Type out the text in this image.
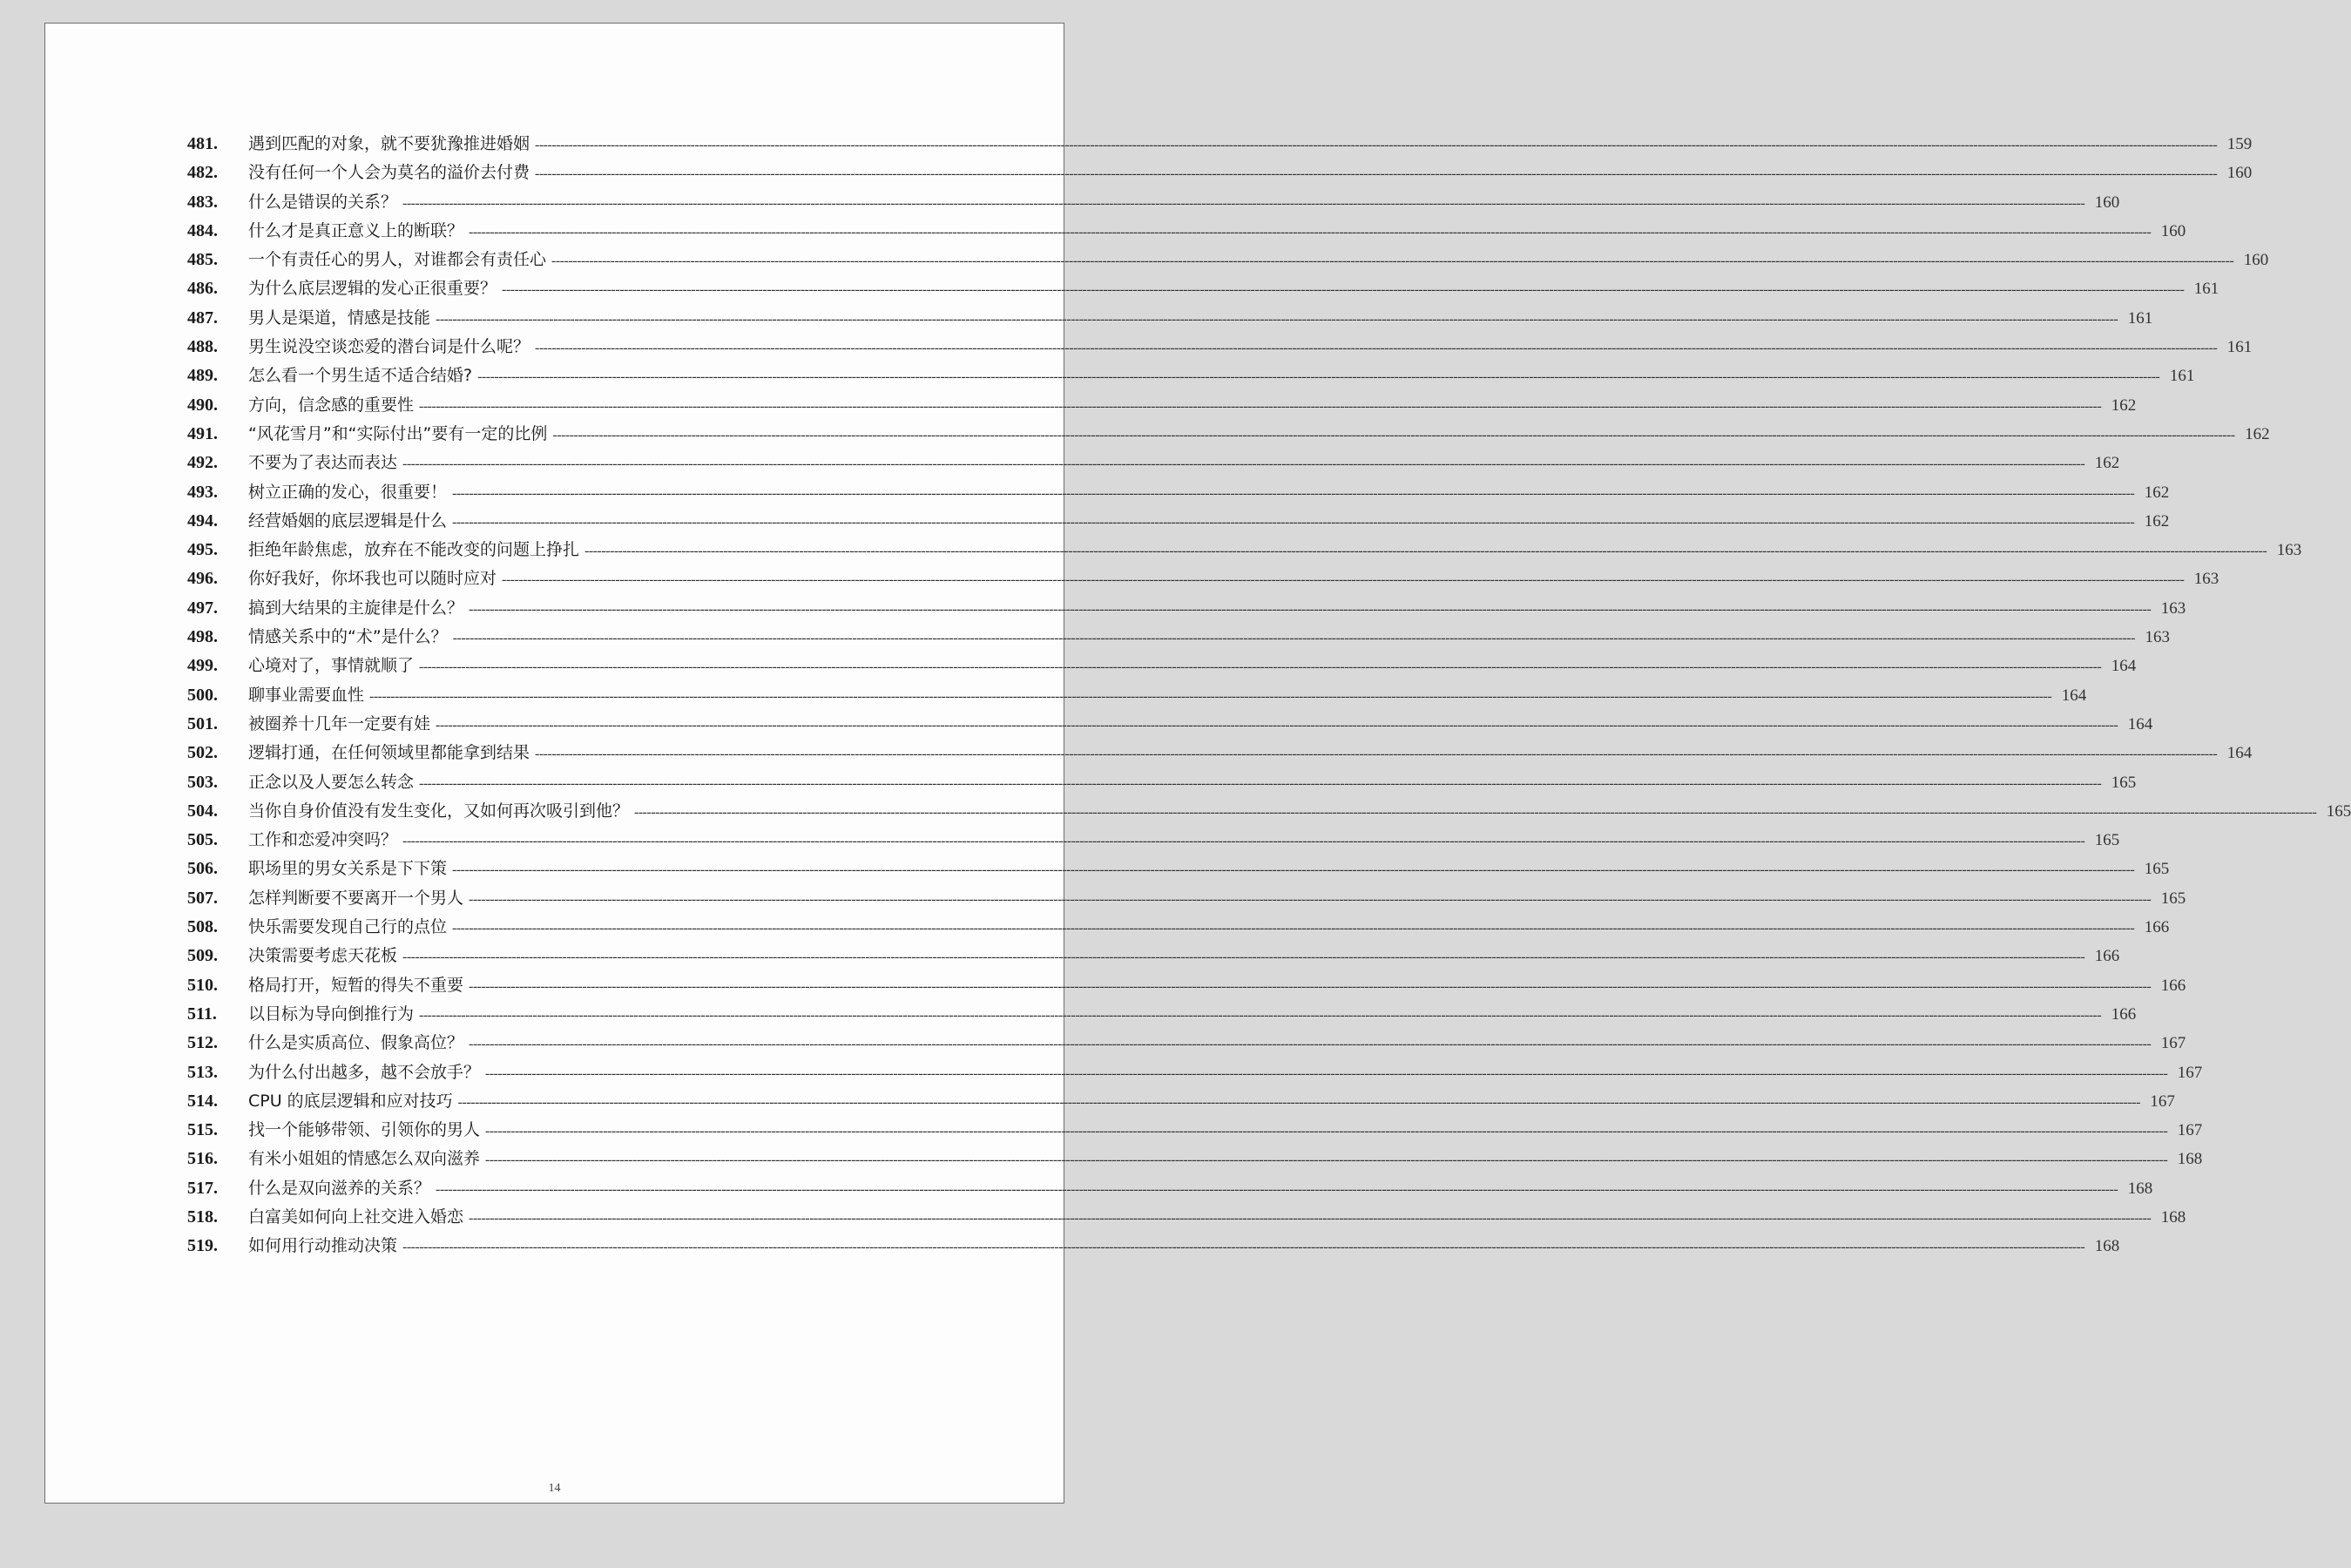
481.	遇到匹配的对象，就不要犹豫推进婚姻 ---------------------------------------------------------------------------------------------------------------------------------------------------------------------------------------------------------------------------------------------------------------------------------------------------------------------------------------------------------------------------------------------------------------- 159
482.	没有任何一个人会为莫名的溢价去付费 ---------------------------------------------------------------------------------------------------------------------------------------------------------------------------------------------------------------------------------------------------------------------------------------------------------------------------------------------------------------------------------------------------------------- 160
483.	什么是错误的关系？ ---------------------------------------------------------------------------------------------------------------------------------------------------------------------------------------------------------------------------------------------------------------------------------------------------------------------------------------------------------------------------------------------------------------- 160
484.	什么才是真正意义上的断联？ ---------------------------------------------------------------------------------------------------------------------------------------------------------------------------------------------------------------------------------------------------------------------------------------------------------------------------------------------------------------------------------------------------------------- 160
485.	一个有责任心的男人，对谁都会有责任心 ---------------------------------------------------------------------------------------------------------------------------------------------------------------------------------------------------------------------------------------------------------------------------------------------------------------------------------------------------------------------------------------------------------------- 160
486.	为什么底层逻辑的发心正很重要？ ---------------------------------------------------------------------------------------------------------------------------------------------------------------------------------------------------------------------------------------------------------------------------------------------------------------------------------------------------------------------------------------------------------------- 161
487.	男人是渠道，情感是技能 ---------------------------------------------------------------------------------------------------------------------------------------------------------------------------------------------------------------------------------------------------------------------------------------------------------------------------------------------------------------------------------------------------------------- 161
488.	男生说没空谈恋爱的潜台词是什么呢？ ---------------------------------------------------------------------------------------------------------------------------------------------------------------------------------------------------------------------------------------------------------------------------------------------------------------------------------------------------------------------------------------------------------------- 161
489.	怎么看一个男生适不适合结婚? ---------------------------------------------------------------------------------------------------------------------------------------------------------------------------------------------------------------------------------------------------------------------------------------------------------------------------------------------------------------------------------------------------------------- 161
490.	方向，信念感的重要性 ---------------------------------------------------------------------------------------------------------------------------------------------------------------------------------------------------------------------------------------------------------------------------------------------------------------------------------------------------------------------------------------------------------------- 162
491.	“风花雪月”和“实际付出”要有一定的比例 ---------------------------------------------------------------------------------------------------------------------------------------------------------------------------------------------------------------------------------------------------------------------------------------------------------------------------------------------------------------------------------------------------------------- 162
492.	不要为了表达而表达 ---------------------------------------------------------------------------------------------------------------------------------------------------------------------------------------------------------------------------------------------------------------------------------------------------------------------------------------------------------------------------------------------------------------- 162
493.	树立正确的发心，很重要！ ---------------------------------------------------------------------------------------------------------------------------------------------------------------------------------------------------------------------------------------------------------------------------------------------------------------------------------------------------------------------------------------------------------------- 162
494.	经营婚姻的底层逻辑是什么 ---------------------------------------------------------------------------------------------------------------------------------------------------------------------------------------------------------------------------------------------------------------------------------------------------------------------------------------------------------------------------------------------------------------- 162
495.	拒绝年龄焦虑，放弃在不能改变的问题上挣扎 ---------------------------------------------------------------------------------------------------------------------------------------------------------------------------------------------------------------------------------------------------------------------------------------------------------------------------------------------------------------------------------------------------------------- 163
496.	你好我好，你坏我也可以随时应对 ---------------------------------------------------------------------------------------------------------------------------------------------------------------------------------------------------------------------------------------------------------------------------------------------------------------------------------------------------------------------------------------------------------------- 163
497.	搞到大结果的主旋律是什么？ ---------------------------------------------------------------------------------------------------------------------------------------------------------------------------------------------------------------------------------------------------------------------------------------------------------------------------------------------------------------------------------------------------------------- 163
498.	情感关系中的“术”是什么？ ---------------------------------------------------------------------------------------------------------------------------------------------------------------------------------------------------------------------------------------------------------------------------------------------------------------------------------------------------------------------------------------------------------------- 163
499.	心境对了，事情就顺了 ---------------------------------------------------------------------------------------------------------------------------------------------------------------------------------------------------------------------------------------------------------------------------------------------------------------------------------------------------------------------------------------------------------------- 164
500.	聊事业需要血性 ---------------------------------------------------------------------------------------------------------------------------------------------------------------------------------------------------------------------------------------------------------------------------------------------------------------------------------------------------------------------------------------------------------------- 164
501.	被圈养十几年一定要有娃 ---------------------------------------------------------------------------------------------------------------------------------------------------------------------------------------------------------------------------------------------------------------------------------------------------------------------------------------------------------------------------------------------------------------- 164
502.	逻辑打通，在任何领域里都能拿到结果 ---------------------------------------------------------------------------------------------------------------------------------------------------------------------------------------------------------------------------------------------------------------------------------------------------------------------------------------------------------------------------------------------------------------- 164
503.	正念以及人要怎么转念 ---------------------------------------------------------------------------------------------------------------------------------------------------------------------------------------------------------------------------------------------------------------------------------------------------------------------------------------------------------------------------------------------------------------- 165
504.	当你自身价值没有发生变化，又如何再次吸引到他？ ---------------------------------------------------------------------------------------------------------------------------------------------------------------------------------------------------------------------------------------------------------------------------------------------------------------------------------------------------------------------------------------------------------------- 165
505.	工作和恋爱冲突吗？ ---------------------------------------------------------------------------------------------------------------------------------------------------------------------------------------------------------------------------------------------------------------------------------------------------------------------------------------------------------------------------------------------------------------- 165
506.	职场里的男女关系是下下策 ---------------------------------------------------------------------------------------------------------------------------------------------------------------------------------------------------------------------------------------------------------------------------------------------------------------------------------------------------------------------------------------------------------------- 165
507.	怎样判断要不要离开一个男人 ---------------------------------------------------------------------------------------------------------------------------------------------------------------------------------------------------------------------------------------------------------------------------------------------------------------------------------------------------------------------------------------------------------------- 165
508.	快乐需要发现自己行的点位 ---------------------------------------------------------------------------------------------------------------------------------------------------------------------------------------------------------------------------------------------------------------------------------------------------------------------------------------------------------------------------------------------------------------- 166
509.	决策需要考虑天花板 ---------------------------------------------------------------------------------------------------------------------------------------------------------------------------------------------------------------------------------------------------------------------------------------------------------------------------------------------------------------------------------------------------------------- 166
510.	格局打开，短暂的得失不重要 ---------------------------------------------------------------------------------------------------------------------------------------------------------------------------------------------------------------------------------------------------------------------------------------------------------------------------------------------------------------------------------------------------------------- 166
511.	以目标为导向倒推行为 ---------------------------------------------------------------------------------------------------------------------------------------------------------------------------------------------------------------------------------------------------------------------------------------------------------------------------------------------------------------------------------------------------------------- 166
512.	什么是实质高位、假象高位？ ---------------------------------------------------------------------------------------------------------------------------------------------------------------------------------------------------------------------------------------------------------------------------------------------------------------------------------------------------------------------------------------------------------------- 167
513.	为什么付出越多，越不会放手？ ---------------------------------------------------------------------------------------------------------------------------------------------------------------------------------------------------------------------------------------------------------------------------------------------------------------------------------------------------------------------------------------------------------------- 167
514.	CPU 的底层逻辑和应对技巧 ---------------------------------------------------------------------------------------------------------------------------------------------------------------------------------------------------------------------------------------------------------------------------------------------------------------------------------------------------------------------------------------------------------------- 167
515.	找一个能够带领、引领你的男人 ---------------------------------------------------------------------------------------------------------------------------------------------------------------------------------------------------------------------------------------------------------------------------------------------------------------------------------------------------------------------------------------------------------------- 167
516.	有米小姐姐的情感怎么双向滋养 ---------------------------------------------------------------------------------------------------------------------------------------------------------------------------------------------------------------------------------------------------------------------------------------------------------------------------------------------------------------------------------------------------------------- 168
517.	什么是双向滋养的关系？ ---------------------------------------------------------------------------------------------------------------------------------------------------------------------------------------------------------------------------------------------------------------------------------------------------------------------------------------------------------------------------------------------------------------- 168
518.	白富美如何向上社交进入婚恋 ---------------------------------------------------------------------------------------------------------------------------------------------------------------------------------------------------------------------------------------------------------------------------------------------------------------------------------------------------------------------------------------------------------------- 168
519.	如何用行动推动决策 ---------------------------------------------------------------------------------------------------------------------------------------------------------------------------------------------------------------------------------------------------------------------------------------------------------------------------------------------------------------------------------------------------------------- 168
14
